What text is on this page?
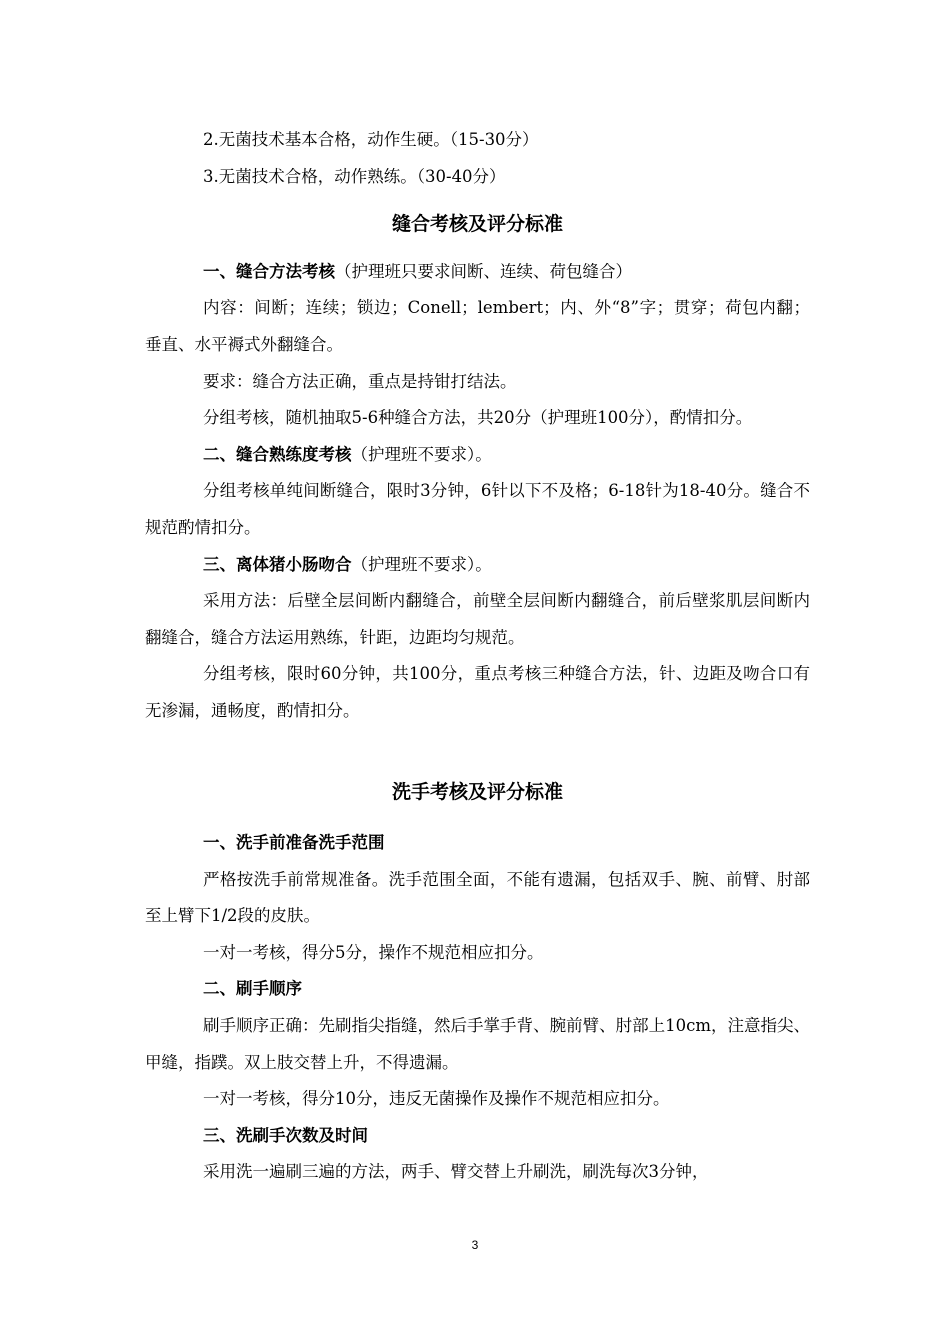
2.无菌技术基本合格，动作生硬。（15-30分）
3.无菌技术合格，动作熟练。（30-40分）
缝合考核及评分标准
一、缝合方法考核（护理班只要求间断、连续、荷包缝合）
内容：间断；连续；锁边；Conell；lembert；内、外“8”字；贯穿；荷包内翻；垂直、水平褥式外翻缝合。
要求：缝合方法正确，重点是持钳打结法。
分组考核，随机抽取5-6种缝合方法，共20分（护理班100分），酌情扣分。
二、缝合熟练度考核（护理班不要求）。
分组考核单纯间断缝合，限时3分钟，6针以下不及格；6-18针为18-40分。缝合不规范酌情扣分。
三、离体猪小肠吻合（护理班不要求）。
采用方法：后壁全层间断内翻缝合，前壁全层间断内翻缝合，前后壁浆肌层间断内翻缝合，缝合方法运用熟练，针距，边距均匀规范。
分组考核，限时60分钟，共100分，重点考核三种缝合方法，针、边距及吻合口有无渗漏，通畅度，酌情扣分。
洗手考核及评分标准
一、洗手前准备洗手范围
严格按洗手前常规准备。洗手范围全面，不能有遗漏，包括双手、腕、前臂、肘部至上臂下1/2段的皮肤。
一对一考核，得分5分，操作不规范相应扣分。
二、刷手顺序
刷手顺序正确：先刷指尖指缝，然后手掌手背、腕前臂、肘部上10cm，注意指尖、甲缝，指蹼。双上肢交替上升，不得遗漏。
一对一考核，得分10分，违反无菌操作及操作不规范相应扣分。
三、洗刷手次数及时间
采用洗一遍刷三遍的方法，两手、臂交替上升刷洗，刷洗每次3分钟，
3
